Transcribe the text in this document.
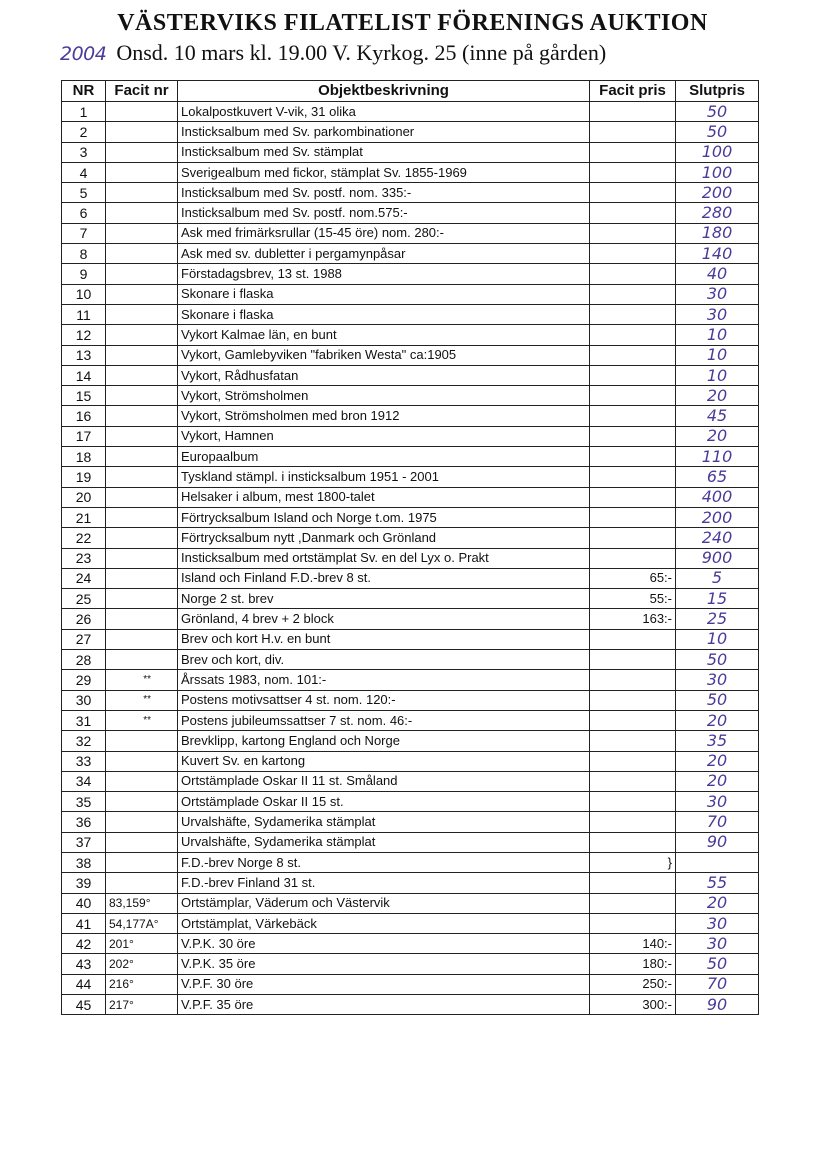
VÄSTERVIKS FILATELIST FÖRENINGS AUKTION
2004 Onsd. 10 mars kl. 19.00 V. Kyrkog. 25 (inne på gården)
NR	Facit nr	Objektbeskrivning	Facit pris	Slutpris
1		Lokalpostkuvert V-vik, 31 olika		50
2		Insticksalbum med Sv. parkombinationer		50
3		Insticksalbum med Sv. stämplat		100
4		Sverigealbum med fickor, stämplat Sv. 1855-1969		100
5		Insticksalbum med Sv. postf. nom. 335:-		200
6		Insticksalbum med Sv. postf. nom.575:-		280
7		Ask med frimärksrullar (15-45 öre) nom. 280:-		180
8		Ask med sv. dubletter i pergamynpåsar		140
9		Förstadagsbrev, 13 st. 1988		40
10		Skonare i flaska		30
11		Skonare i flaska		30
12		Vykort Kalmae län, en bunt		10
13		Vykort, Gamlebyviken "fabriken Westa" ca:1905		10
14		Vykort, Rådhusfatan		10
15		Vykort, Strömsholmen		20
16		Vykort, Strömsholmen med bron 1912		45
17		Vykort, Hamnen		20
18		Europaalbum		110
19		Tyskland stämpl. i insticksalbum 1951 - 2001		65
20		Helsaker i album, mest 1800-talet		400
21		Förtrycksalbum Island och Norge t.om. 1975		200
22		Förtrycksalbum nytt ,Danmark och Grönland		240
23		Insticksalbum med ortstämplat Sv. en del Lyx o. Prakt		900
24		Island och Finland F.D.-brev 8 st.	65:-	5
25		Norge 2 st. brev	55:-	15
26		Grönland, 4 brev + 2 block	163:-	25
27		Brev och kort H.v. en bunt		10
28		Brev och kort, div.		50
29	**	Årssats 1983, nom. 101:-		30
30	**	Postens motivsattser 4 st. nom. 120:-		50
31	**	Postens jubileumssattser 7 st. nom. 46:-		20
32		Brevklipp, kartong England och Norge		35
33		Kuvert Sv. en kartong		20
34		Ortstämplade Oskar II 11 st. Småland		20
35		Ortstämplade Oskar II 15 st.		30
36		Urvalshäfte, Sydamerika stämplat		70
37		Urvalshäfte, Sydamerika stämplat		90
38		F.D.-brev Norge 8 st.	}	
39		F.D.-brev Finland 31 st.		55
40	83,159°	Ortstämplar, Väderum och Västervik		20
41	54,177A°	Ortstämplat, Värkebäck		30
42	201°	V.P.K. 30 öre	140:-	30
43	202°	V.P.K. 35 öre	180:-	50
44	216°	V.P.F. 30 öre	250:-	70
45	217°	V.P.F. 35 öre	300:-	90
